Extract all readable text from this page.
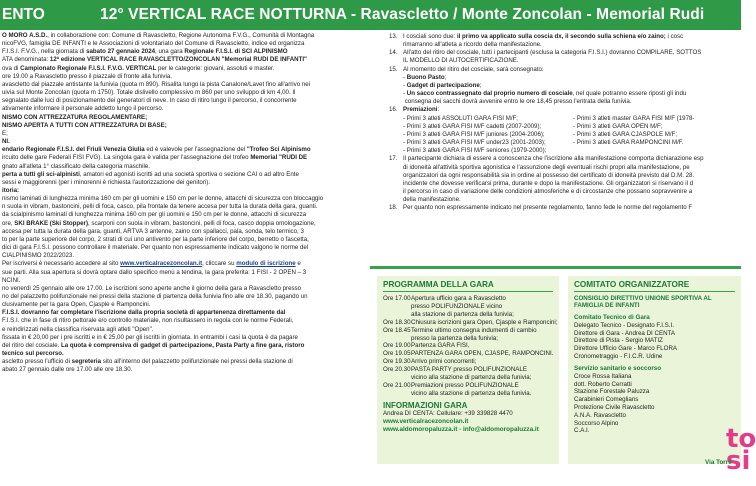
ENTO	12° VERTICAL RACE NOTTURNA - Ravascletto / Monte Zoncolan - Memorial Rudi
O MORO A.S.D., in collaborazione con: Comune di Ravascletto, Regione Autonoma F.V.G., Comunità di Montagna
nicoFVG, famiglia DE INFANTI e le Associazioni di volontariato del Comune di Ravascletto, indice ed organizza
F.I.S.I. F.V.G., nella giornata di sabato 27 gennaio 2024, una gara Regionale F.I.S.I. di SCI ALPINISMO
ATA denominata: 12ª edizione VERTICAL RACE RAVASCLETTO/ZONCOLAN "Memorial RUDI DE INFANTI"
ova di Campionato Regionale F.I.S.I. F.V.G. VERTICAL per le categorie: giovani, assoluti e master.
ore 19.00 a Ravascletto presso il piazzale di fronte alla funivia.
avascletto dal piazzale antistante la funivia (quota m 890). Risalita lungo la pista Canalone/Lavet fino all'arrivo nei
uivia sul Monte Zoncolan (quota m 1750). Totale dislivello complessivo m 860 per uno sviluppo di km 4,00. Il
segnalato dalle luci di posizionamento dei generatori di neve. In caso di ritiro lungo il percorso, il concorrente
ativamente informare il personale addetto lungo il percorso.
NISMO CON ATTREZZATURA REGOLAMENTARE;
NISMO APERTA A TUTTI CON ATTREZZATURA DI BASE;
E;
NI.
endario Regionale F.I.S.I. del Friuli Venezia Giulia ed è valevole per l'assegnazione del "Trofeo Sci Alpinismo
ircuito delle gare Federali FISI FVG). La singola gara è valida per l'assegnazione del trofeo Memorial "RUDI DE
gnato all'atleta 1° classificato della categoria maschile.
perta a tutti gli sci-alpinisti, amatori ed agonisti iscritti ad una società sportiva o sezione CAI o ad altro Ente
sessi e maggiorenni (per i minorenni è richiesta l'autorizzazione dei genitori).
itoria:
nismo laminati di lunghezza minima 160 cm per gli uomini e 150 cm per le donne, attacchi di sicurezza con bloccaggio
n suola in vibram, bastoncini, pelli di foca, casco, pila frontale da tenere accesa per tutta la durata della gara, guanti.
da scialpinismo laminati di lunghezza minima 160 cm per gli uomini e 150 cm per le donne, attacchi di sicurezza
ore, SKI BRAKE (Ski Stopper), scarponi con suola in vibram, bastoncini, pelli di foca, casco doppia omologazione,
accesa per tutta la durata della gara, guanti, ARTVA 3 antenne, zaino con spallacci, pala, sonda, telo termico, 3
to per la parte superiore del corpo, 2 strati di cui uno antivento per la parte inferiore del corpo, berretto o fascetta,
dici di gara F.I.S.I. possono controllare il materiale. Per quanto non espressamente indicato valgono le norme del
CIALPINISMO 2022/2023.
Per iscriversi è necessario accedere al sito www.verticalracezoncolan.it, cliccare su modulo di iscrizione e
sue parti. Alla sua apertura si dovrà optare dallo specifico menù a tendina, la gara preferita: 1 FISI - 2 OPEN – 3
NCINI.
no venerdì 25 gennaio alle ore 17.00. Le iscrizioni sono aperte anche il giorno della gara a Ravascletto presso
no del palazzetto polifunzionale nei pressi della stazione di partenza della funivia fino alle ore 18.30, pagando un
clusivamente per la gara Open, Cjasple e Ramponcini.
F.I.S.I. dovranno far completare l'iscrizione dalla propria società di appartenenza direttamente dal
F.I.S.I. che in fase di ritiro pettorale e/o controllo materiale, non risultassero in regola con le norme Federali,
e reindirizzati nella classifica riservata agli atleti "Open".
fissata in € 20,00 per i pre iscritti e in € 25,00 per gli iscritti in giornata. In entrambi i casi la quota è da pagare
del ritiro del cosciale. La quota è comprensiva di gadget di partecipazione, Pasta Party a fine gara, ristoro
tecnico sul percorso.
ascletto presso l'ufficio di segreteria sito all'interno del palazzetto polifunzionale nei pressi della stazione di
abato 27 gennaio dalle ore 17.00 alle ore 18.30.
13. I cosciali sono due: il primo va applicato sulla coscia dx, il secondo sulla schiena e/o zaino; i cosc
rimarranno all'atleta a ricordo della manifestazione.
14. All'atto del ritiro del cosciale, tutti i partecipanti (esclusa la categoria F.I.S.I.) dovranno COMPILARE, SOTTOS
IL MODELLO DI AUTOCERTIFICAZIONE.
15. Al momento del ritiro del cosciale, sarà consegnato:
- Buono Pasto;
- Gadget di partecipazione;
- Un sacco contrassegnato dal proprio numero di cosciale, nel quale potranno essere riposti gli indu
consegna dei sacchi dovrà avvenire entro le ore 18,45 presso l'entrata della funivia.
16. Premiazioni:
- Primi 3 atleti ASSOLUTI GARA FISI M/F;	- Primi 3 atleti master GARA FISI M/F (1978-
- Primi 3 atleti GARA FISI M/F cadetti (2007-2009);	- Primi 3 atleti GARA OPEN M/F;
- Primi 3 atleti GARA FISI M/F juniores (2004-2006);	- Primi 3 atleti GARA CJASPOLE M/F;
- Primi 3 atleti GARA FISI M/F under23 (2001-2003);	- Primi 3 atleti GARA RAMPONCINI M/F.
- Primi 3 atleti GARA FISI M/F seniores (1979-2000);
17. Il partecipante dichiara di essere a conoscenza che l'iscrizione alla manifestazione comporta dichiarazione esp
di idoneità all'attività sportiva agonistica e l'assunzione degli eventuali rischi propri alla manifestazione, pe
organizzatori da ogni responsabilità sia in ordine al possesso del certificato di idoneità previsto dal D.M. 28.
incidente che dovesse verificarsi prima, durante e dopo la manifestazione. Gli organizzatori si riservano il d
il percorso in caso di variazione delle condizioni atmosferiche e di circostanze che possano sopravvenire a
della manifestazione.
18. Per quanto non espressamente indicato nel presente regolamento, fanno fede le norme del regolamento F
PROGRAMMA DELLA GARA
Ore 17.00 Apertura ufficio gara a Ravascletto
presso POLIFUNZIONALE vicino
alla stazione di partenza della funivia;
Ore 18.30 Chiusura iscrizioni gara Open, Cjasple e Ramponcini;
Ore 18.45 Termine ultimo consegna indumenti di cambio
presso la partenza della funivia;
Ore 19.00 Partenza GARA FISI,
Ore 19.05 PARTENZA GARA OPEN, CJASPE, RAMPONCINI.
Ore 19.30 Arrivo primi concorrenti;
Ore 20.30 PASTA PARTY presso POLIFUNZIONALE
vicino alla stazione di partenza della funivia;
Ore 21.00 Premiazioni presso POLIFUNZIONALE
vicino alla stazione di partenza della funivia.
INFORMAZIONI GARA
Andrea DI CENTA: Cellulare: +39 339828 4470
www.verticalracezoncolan.it
www.aldomoropaluzza.it - info@aldomoropaluzza.it
COMITATO ORGANIZZATORE
CONSIGLIO DIRETTIVO UNIONE SPORTIVA AL
FAMIGLIA DE INFANTI
Comitato Tecnico di Gara
Delegato Tecnico - Designato F.I.S.I.
Direttore di Gara - Andrea DI CENTA
Direttore di Pista - Sergio MATIZ
Direttore Ufficio Gare - Marco FLORA
Cronometraggio - F.I.C.R. Udine
Servizio sanitario e soccorso
Croce Rossa Italiana
dott. Roberto Cerratti
Stazione Forestale Paluzza
Carabinieri Comeglians
Protezione Civile Ravascletto
A.N.A. Ravascletto
Soccorso Alpino
C.A.I.	to
si
Via Torre
